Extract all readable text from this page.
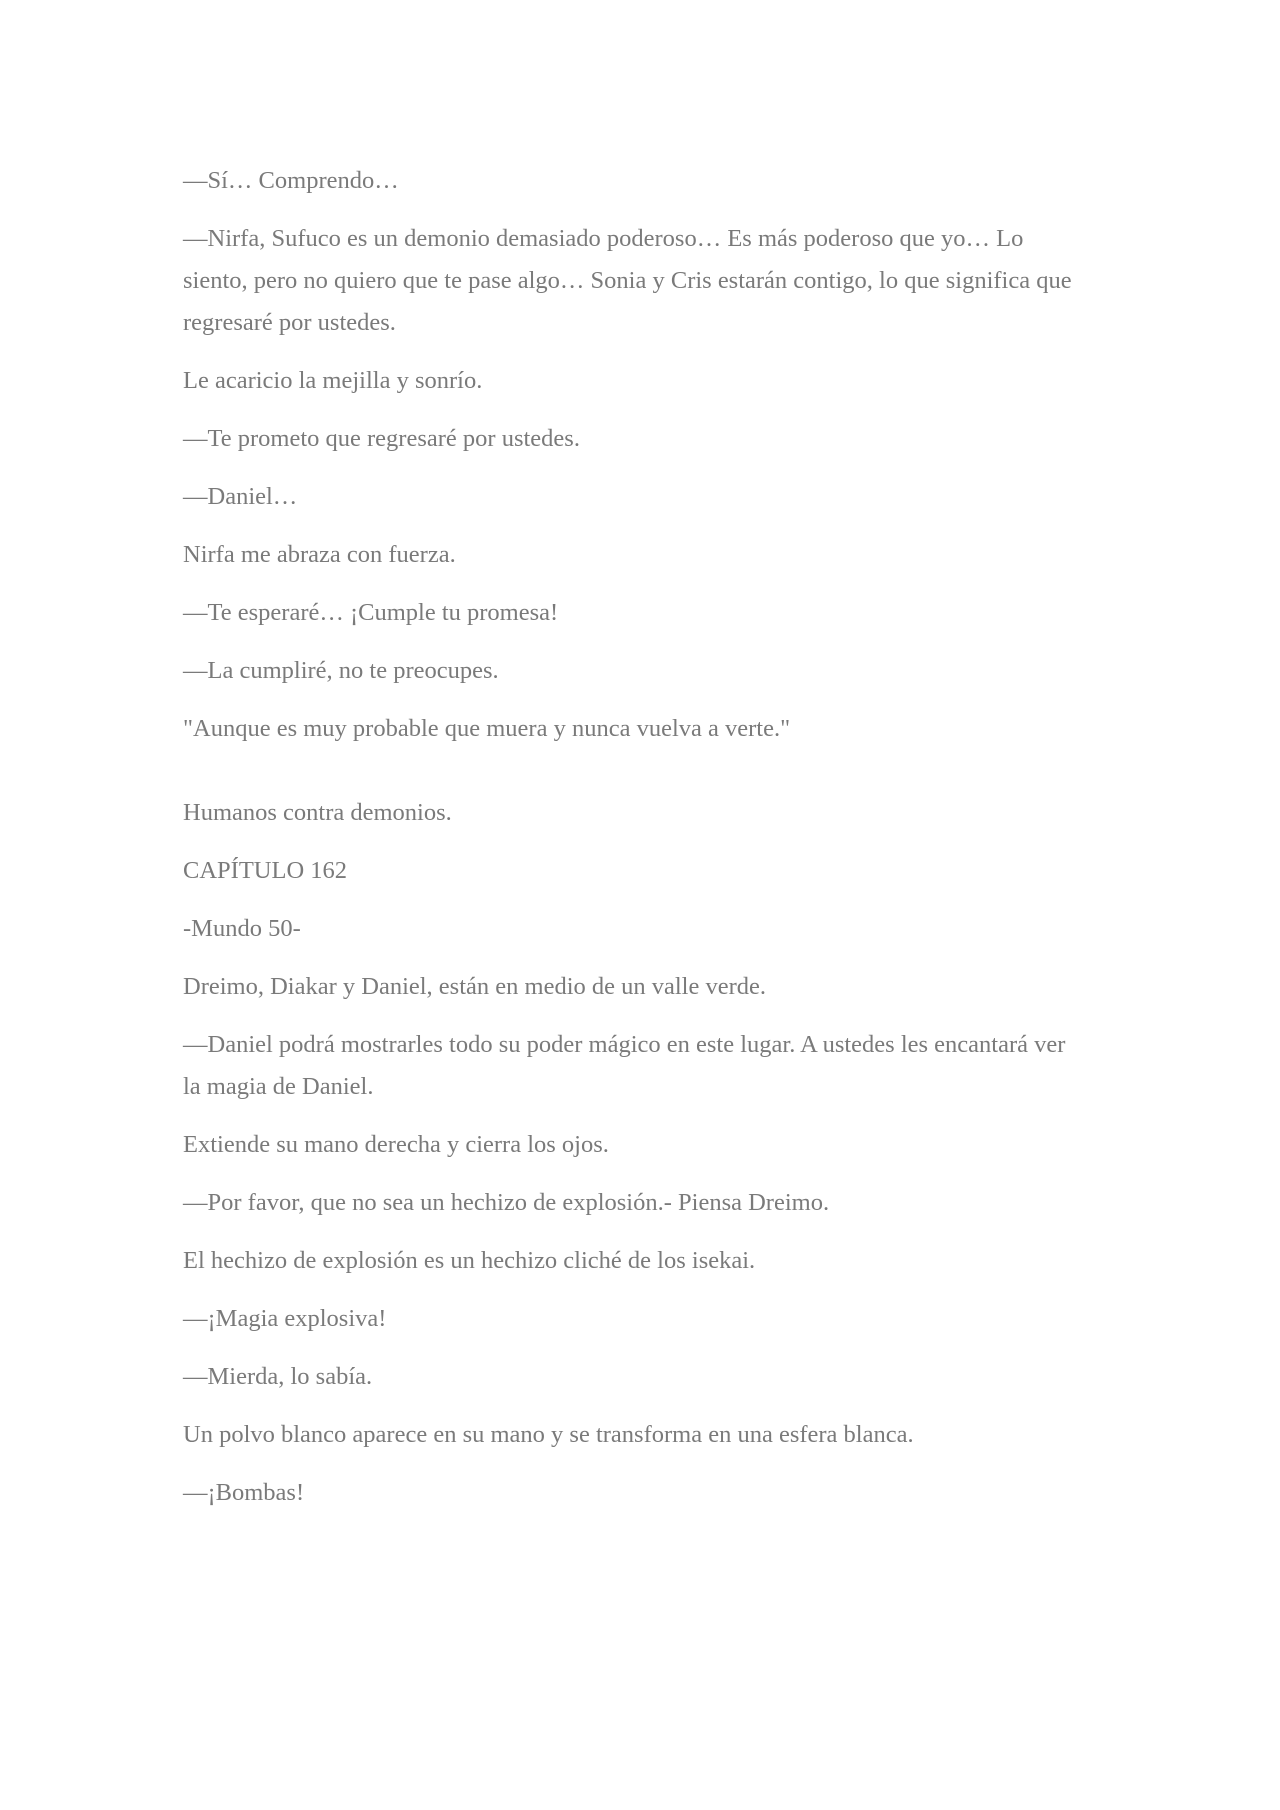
—Sí… Comprendo…

—Nirfa, Sufuco es un demonio demasiado poderoso… Es más poderoso que yo… Lo siento, pero no quiero que te pase algo… Sonia y Cris estarán contigo, lo que significa que regresaré por ustedes.

Le acaricio la mejilla y sonrío.

—Te prometo que regresaré por ustedes.

—Daniel…

Nirfa me abraza con fuerza.

—Te esperaré… ¡Cumple tu promesa!

—La cumpliré, no te preocupes.

"Aunque es muy probable que muera y nunca vuelva a verte."

Humanos contra demonios.

CAPÍTULO 162

-Mundo 50-

Dreimo, Diakar y Daniel, están en medio de un valle verde.

—Daniel podrá mostrarles todo su poder mágico en este lugar. A ustedes les encantará ver la magia de Daniel.

Extiende su mano derecha y cierra los ojos.

—Por favor, que no sea un hechizo de explosión.- Piensa Dreimo.

El hechizo de explosión es un hechizo cliché de los isekai.

—¡Magia explosiva!

—Mierda, lo sabía.

Un polvo blanco aparece en su mano y se transforma en una esfera blanca.

—¡Bombas!
